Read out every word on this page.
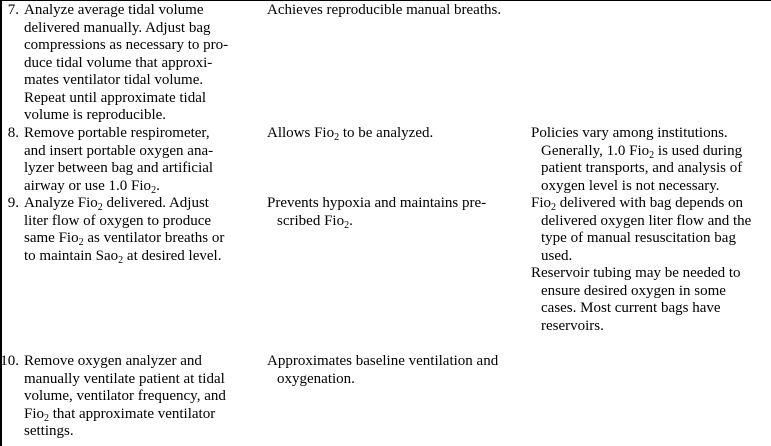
7. Analyze average tidal volume
delivered manually. Adjust bag
compressions as necessary to pro-
duce tidal volume that approxi-
mates ventilator tidal volume.
Repeat until approximate tidal
volume is reproducible.
Achieves reproducible manual breaths.
8. Remove portable respirometer,
and insert portable oxygen ana-
lyzer between bag and artificial
airway or use 1.0 Fio$_2$.
Allows Fio$_2$ to be analyzed.	Policies vary among institutions.
Generally, 1.0 Fio$_2$ is used during
patient transports, and analysis of
oxygen level is not necessary.
9. Analyze Fio$_2$ delivered. Adjust
liter flow of oxygen to produce
same Fio$_2$ as ventilator breaths or
to maintain Sao$_2$ at desired level.
Prevents hypoxia and maintains pre-
scribed Fio$_2$.
Fio$_2$ delivered with bag depends on
delivered oxygen liter flow and the
type of manual resuscitation bag
used.
Reservoir tubing may be needed to
ensure desired oxygen in some
cases. Most current bags have
reservoirs.
10. Remove oxygen analyzer and
manually ventilate patient at tidal
volume, ventilator frequency, and
Fio$_2$ that approximate ventilator
settings.
Approximates baseline ventilation and
oxygenation.
